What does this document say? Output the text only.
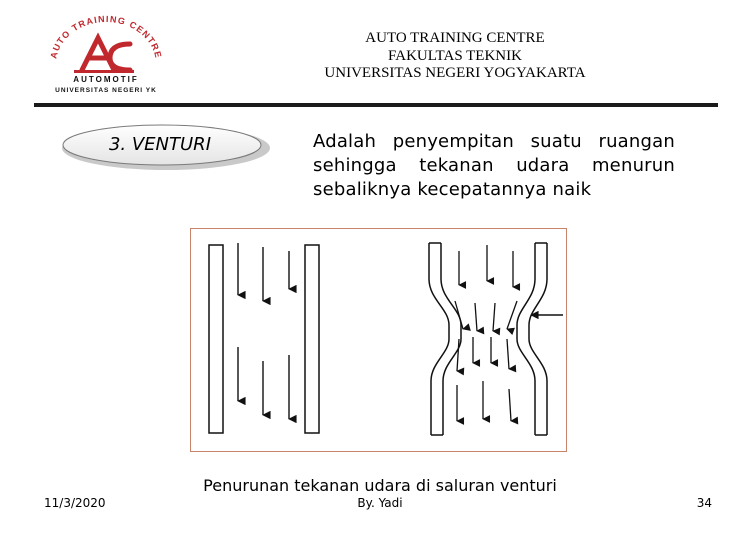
AUTO TRAINING CENTRE
AUTOMOTIF
UNIVERSITAS NEGERI YK
AUTO TRAINING CENTRE
FAKULTAS TEKNIK
UNIVERSITAS NEGERI YOGYAKARTA
3. VENTURI	Adalah penyempitan suatu ruangan sehingga tekanan udara menurun sebaliknya kecepatannya naik
Penurunan tekanan udara di saluran venturi
11/3/2020	By. Yadi	34
